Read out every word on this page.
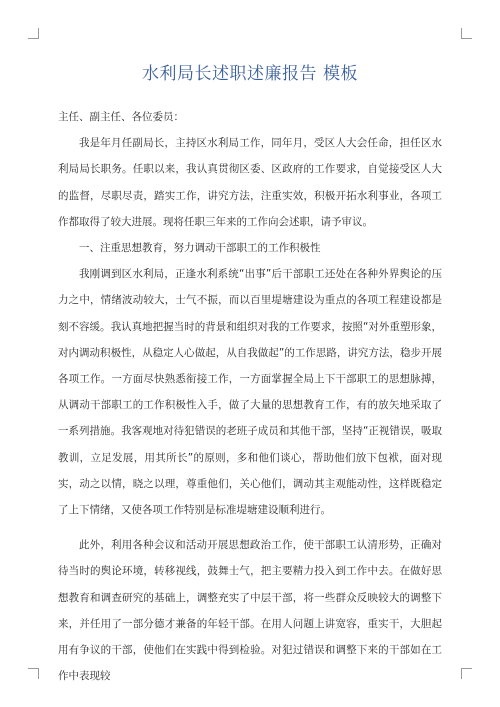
水利局长述职述廉报告 模板

主任、副主任、各位委员：

我是年月任副局长，主持区水利局工作，同年月，受区人大会任命，担任区水利局局长职务。任职以来，我认真贯彻区委、区政府的工作要求，自觉接受区人大的监督，尽职尽责，踏实工作，讲究方法，注重实效，积极开拓水利事业，各项工作都取得了较大进展。现将任职三年来的工作向会述职，请予审议。

一、注重思想教育，努力调动干部职工的工作积极性

我刚调到区水利局，正逢水利系统“出事”后干部职工还处在各种外界舆论的压力之中，情绪波动较大，士气不振，而以百里堤塘建设为重点的各项工程建设都是刻不容缓。我认真地把握当时的背景和组织对我的工作要求，按照“对外重塑形象，对内调动积极性，从稳定人心做起，从自我做起”的工作思路，讲究方法，稳步开展各项工作。一方面尽快熟悉衔接工作，一方面掌握全局上下干部职工的思想脉搏，从调动干部职工的工作积极性入手，做了大量的思想教育工作，有的放矢地采取了一系列措施。我客观地对待犯错误的老班子成员和其他干部，坚持“正视错误，吸取教训，立足发展，用其所长”的原则，多和他们谈心，帮助他们放下包袱，面对现实，动之以情，晓之以理，尊重他们，关心他们，调动其主观能动性，这样既稳定了上下情绪，又使各项工作特别是标准堤塘建设顺利进行。

此外，利用各种会议和活动开展思想政治工作，使干部职工认清形势，正确对待当时的舆论环境，转移视线，鼓舞士气，把主要精力投入到工作中去。在做好思想教育和调查研究的基础上，调整充实了中层干部，将一些群众反映较大的调整下来，并任用了一部分德才兼备的年轻干部。在用人问题上讲宽容，重实干，大胆起用有争议的干部，使他们在实践中得到检验。对犯过错误和调整下来的干部如在工作中表现较
